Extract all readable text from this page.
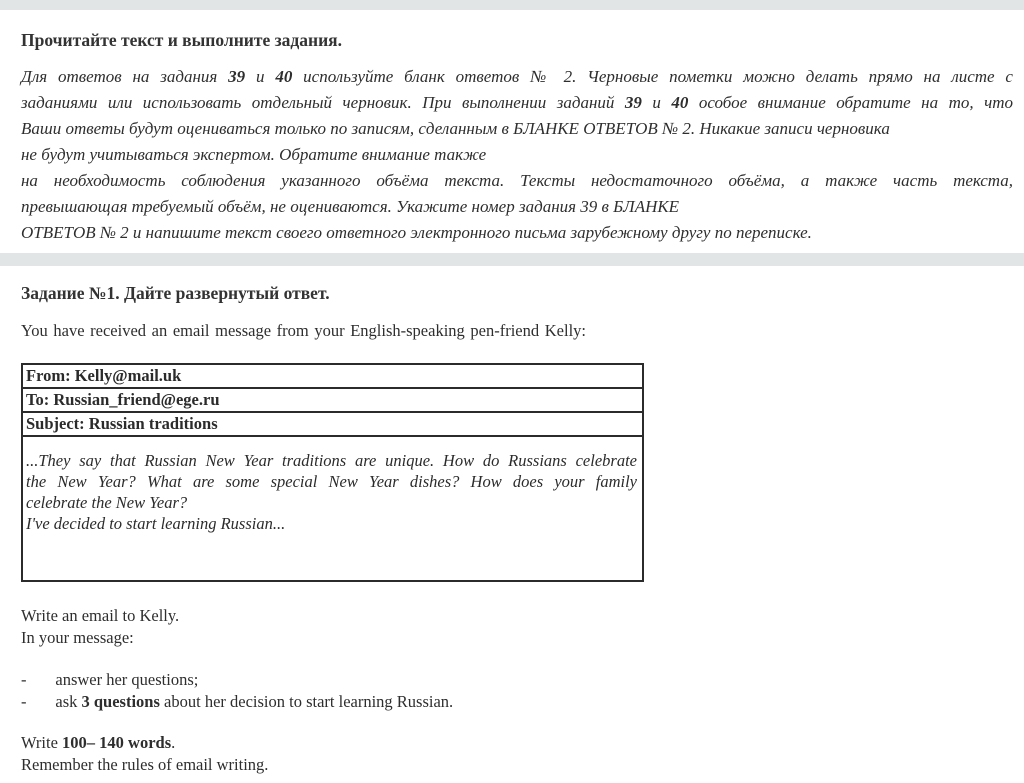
Прочитайте текст и выполните задания.
Для ответов на задания 39 и 40 используйте бланк ответов № 2. Черновые пометки можно делать прямо на листе с
заданиями или использовать отдельный черновик. При выполнении заданий 39 и 40 особое внимание обратите на то, что
Ваши ответы будут оцениваться только по записям, сделанным в БЛАНКЕ ОТВЕТОВ № 2. Никакие записи черновика
не будут учитываться экспертом. Обратите внимание также
на необходимость соблюдения указанного объёма текста. Тексты недостаточного объёма, а также часть текста,
превышающая требуемый объём, не оцениваются. Укажите номер задания 39 в БЛАНКЕ
ОТВЕТОВ № 2 и напишите текст своего ответного электронного письма зарубежному другу по переписке.
Задание №1. Дайте развернутый ответ.
You have received an email message from your English-speaking pen-friend Kelly:
From: Kelly@mail.uk
To: Russian_friend@ege.ru
Subject: Russian traditions

...They say that Russian New Year traditions are unique. How do Russians celebrate
the New Year? What are some special New Year dishes? How does your family
celebrate the New Year?
I've decided to start learning Russian...
Write an email to Kelly.
In your message:
-       answer her questions;
-       ask 3 questions about her decision to start learning Russian.
Write 100– 140 words.
Remember the rules of email writing.
